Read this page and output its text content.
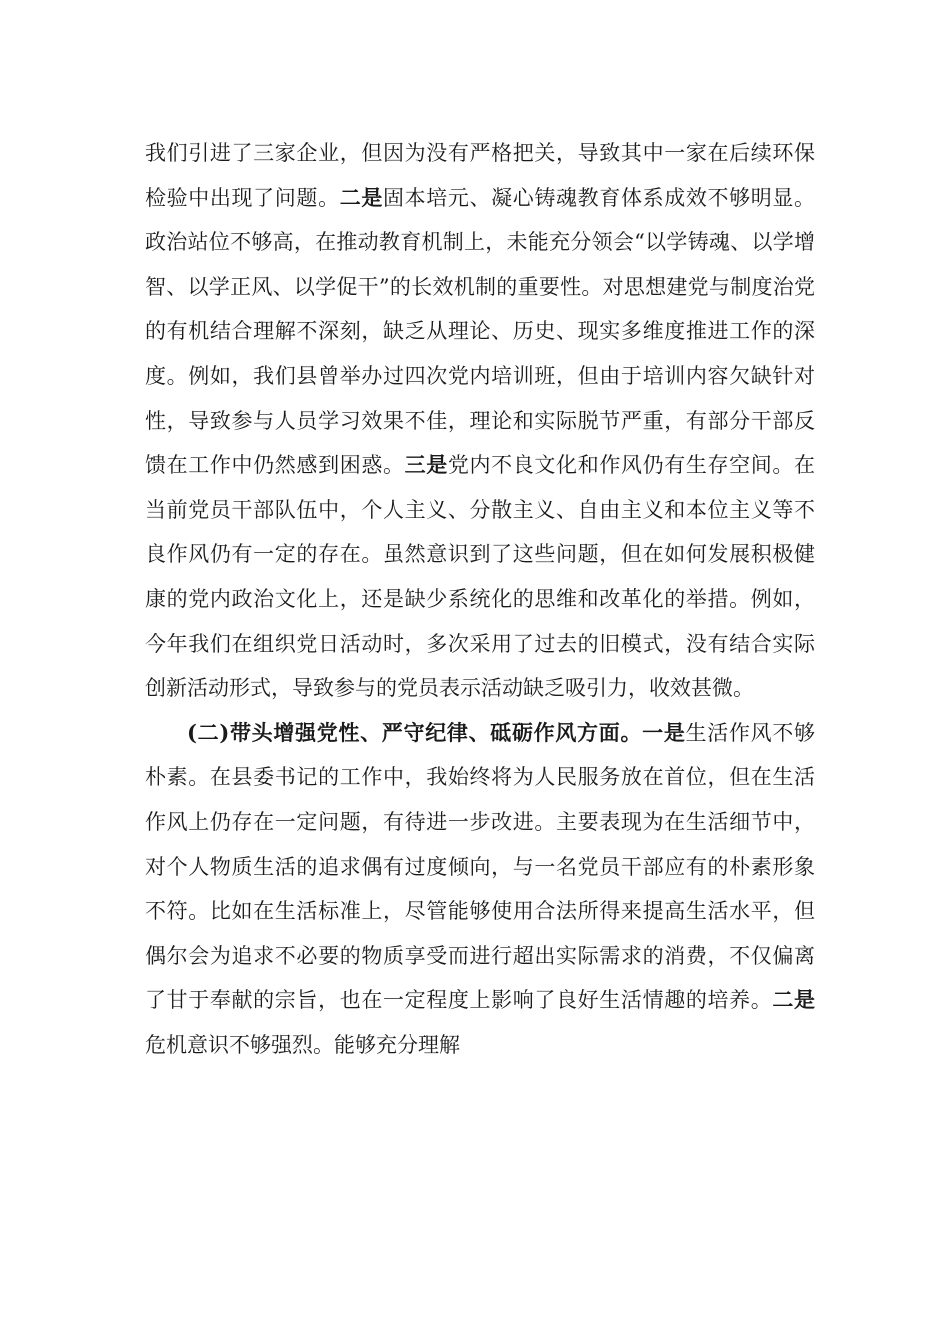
我们引进了三家企业，但因为没有严格把关，导致其中一家在后续环保检验中出现了问题。二是固本培元、凝心铸魂教育体系成效不够明显。政治站位不够高，在推动教育机制上，未能充分领会“以学铸魂、以学增智、以学正风、以学促干”的长效机制的重要性。对思想建党与制度治党的有机结合理解不深刻，缺乏从理论、历史、现实多维度推进工作的深度。例如，我们县曾举办过四次党内培训班，但由于培训内容欠缺针对性，导致参与人员学习效果不佳，理论和实际脱节严重，有部分干部反馈在工作中仍然感到困惑。三是党内不良文化和作风仍有生存空间。在当前党员干部队伍中，个人主义、分散主义、自由主义和本位主义等不良作风仍有一定的存在。虽然意识到了这些问题，但在如何发展积极健康的党内政治文化上，还是缺少系统化的思维和改革化的举措。例如，今年我们在组织党日活动时，多次采用了过去的旧模式，没有结合实际创新活动形式，导致参与的党员表示活动缺乏吸引力，收效甚微。

(二)带头增强党性、严守纪律、砥砺作风方面。一是生活作风不够朴素。在县委书记的工作中，我始终将为人民服务放在首位，但在生活作风上仍存在一定问题，有待进一步改进。主要表现为在生活细节中，对个人物质生活的追求偶有过度倾向，与一名党员干部应有的朴素形象不符。比如在生活标准上，尽管能够使用合法所得来提高生活水平，但偶尔会为追求不必要的物质享受而进行超出实际需求的消费，不仅偏离了甘于奉献的宗旨，也在一定程度上影响了良好生活情趣的培养。二是危机意识不够强烈。能够充分理解
